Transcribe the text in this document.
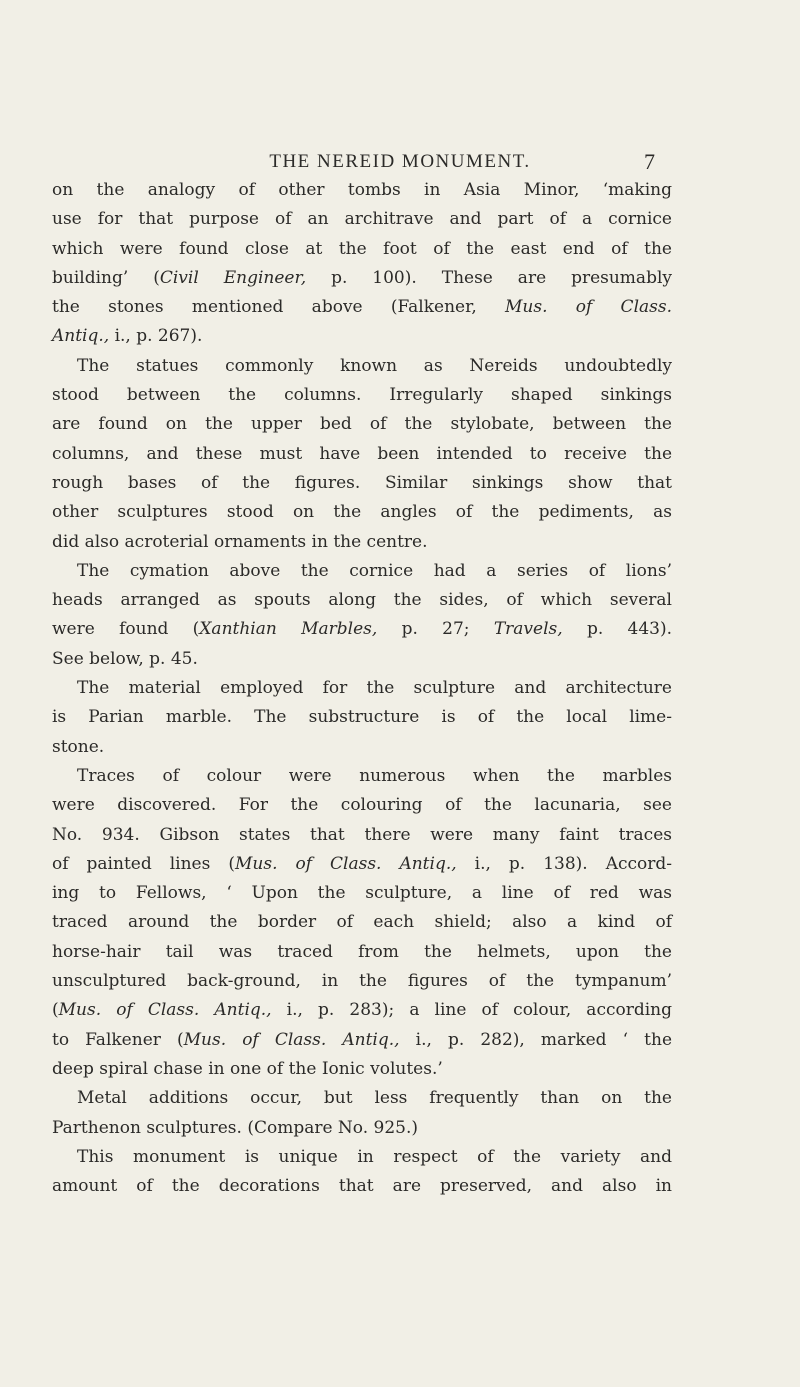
THE NEREID MONUMENT.	7
on the analogy of other tombs in Asia Minor, ‘making
use for that purpose of an architrave and part of a cornice
which were found close at the foot of the east end of the
building’ (Civil Engineer, p. 100). These are presumably
the stones mentioned above (Falkener, Mus. of Class.
Antiq., i., p. 267).
The statues commonly known as Nereids undoubtedly
stood between the columns. Irregularly shaped sinkings
are found on the upper bed of the stylobate, between the
columns, and these must have been intended to receive the
rough bases of the figures. Similar sinkings show that
other sculptures stood on the angles of the pediments, as
did also acroterial ornaments in the centre.
The cymation above the cornice had a series of lions’
heads arranged as spouts along the sides, of which several
were found (Xanthian Marbles, p. 27; Travels, p. 443).
See below, p. 45.
The material employed for the sculpture and architecture
is Parian marble. The substructure is of the local lime-
stone.
Traces of colour were numerous when the marbles
were discovered. For the colouring of the lacunaria, see
No. 934. Gibson states that there were many faint traces
of painted lines (Mus. of Class. Antiq., i., p. 138). Accord-
ing to Fellows, ‘ Upon the sculpture, a line of red was
traced around the border of each shield; also a kind of
horse-hair tail was traced from the helmets, upon the
unsculptured back-ground, in the figures of the tympanum’
(Mus. of Class. Antiq., i., p. 283); a line of colour, according
to Falkener (Mus. of Class. Antiq., i., p. 282), marked ‘ the
deep spiral chase in one of the Ionic volutes.’
Metal additions occur, but less frequently than on the
Parthenon sculptures. (Compare No. 925.)
This monument is unique in respect of the variety and
amount of the decorations that are preserved, and also in
